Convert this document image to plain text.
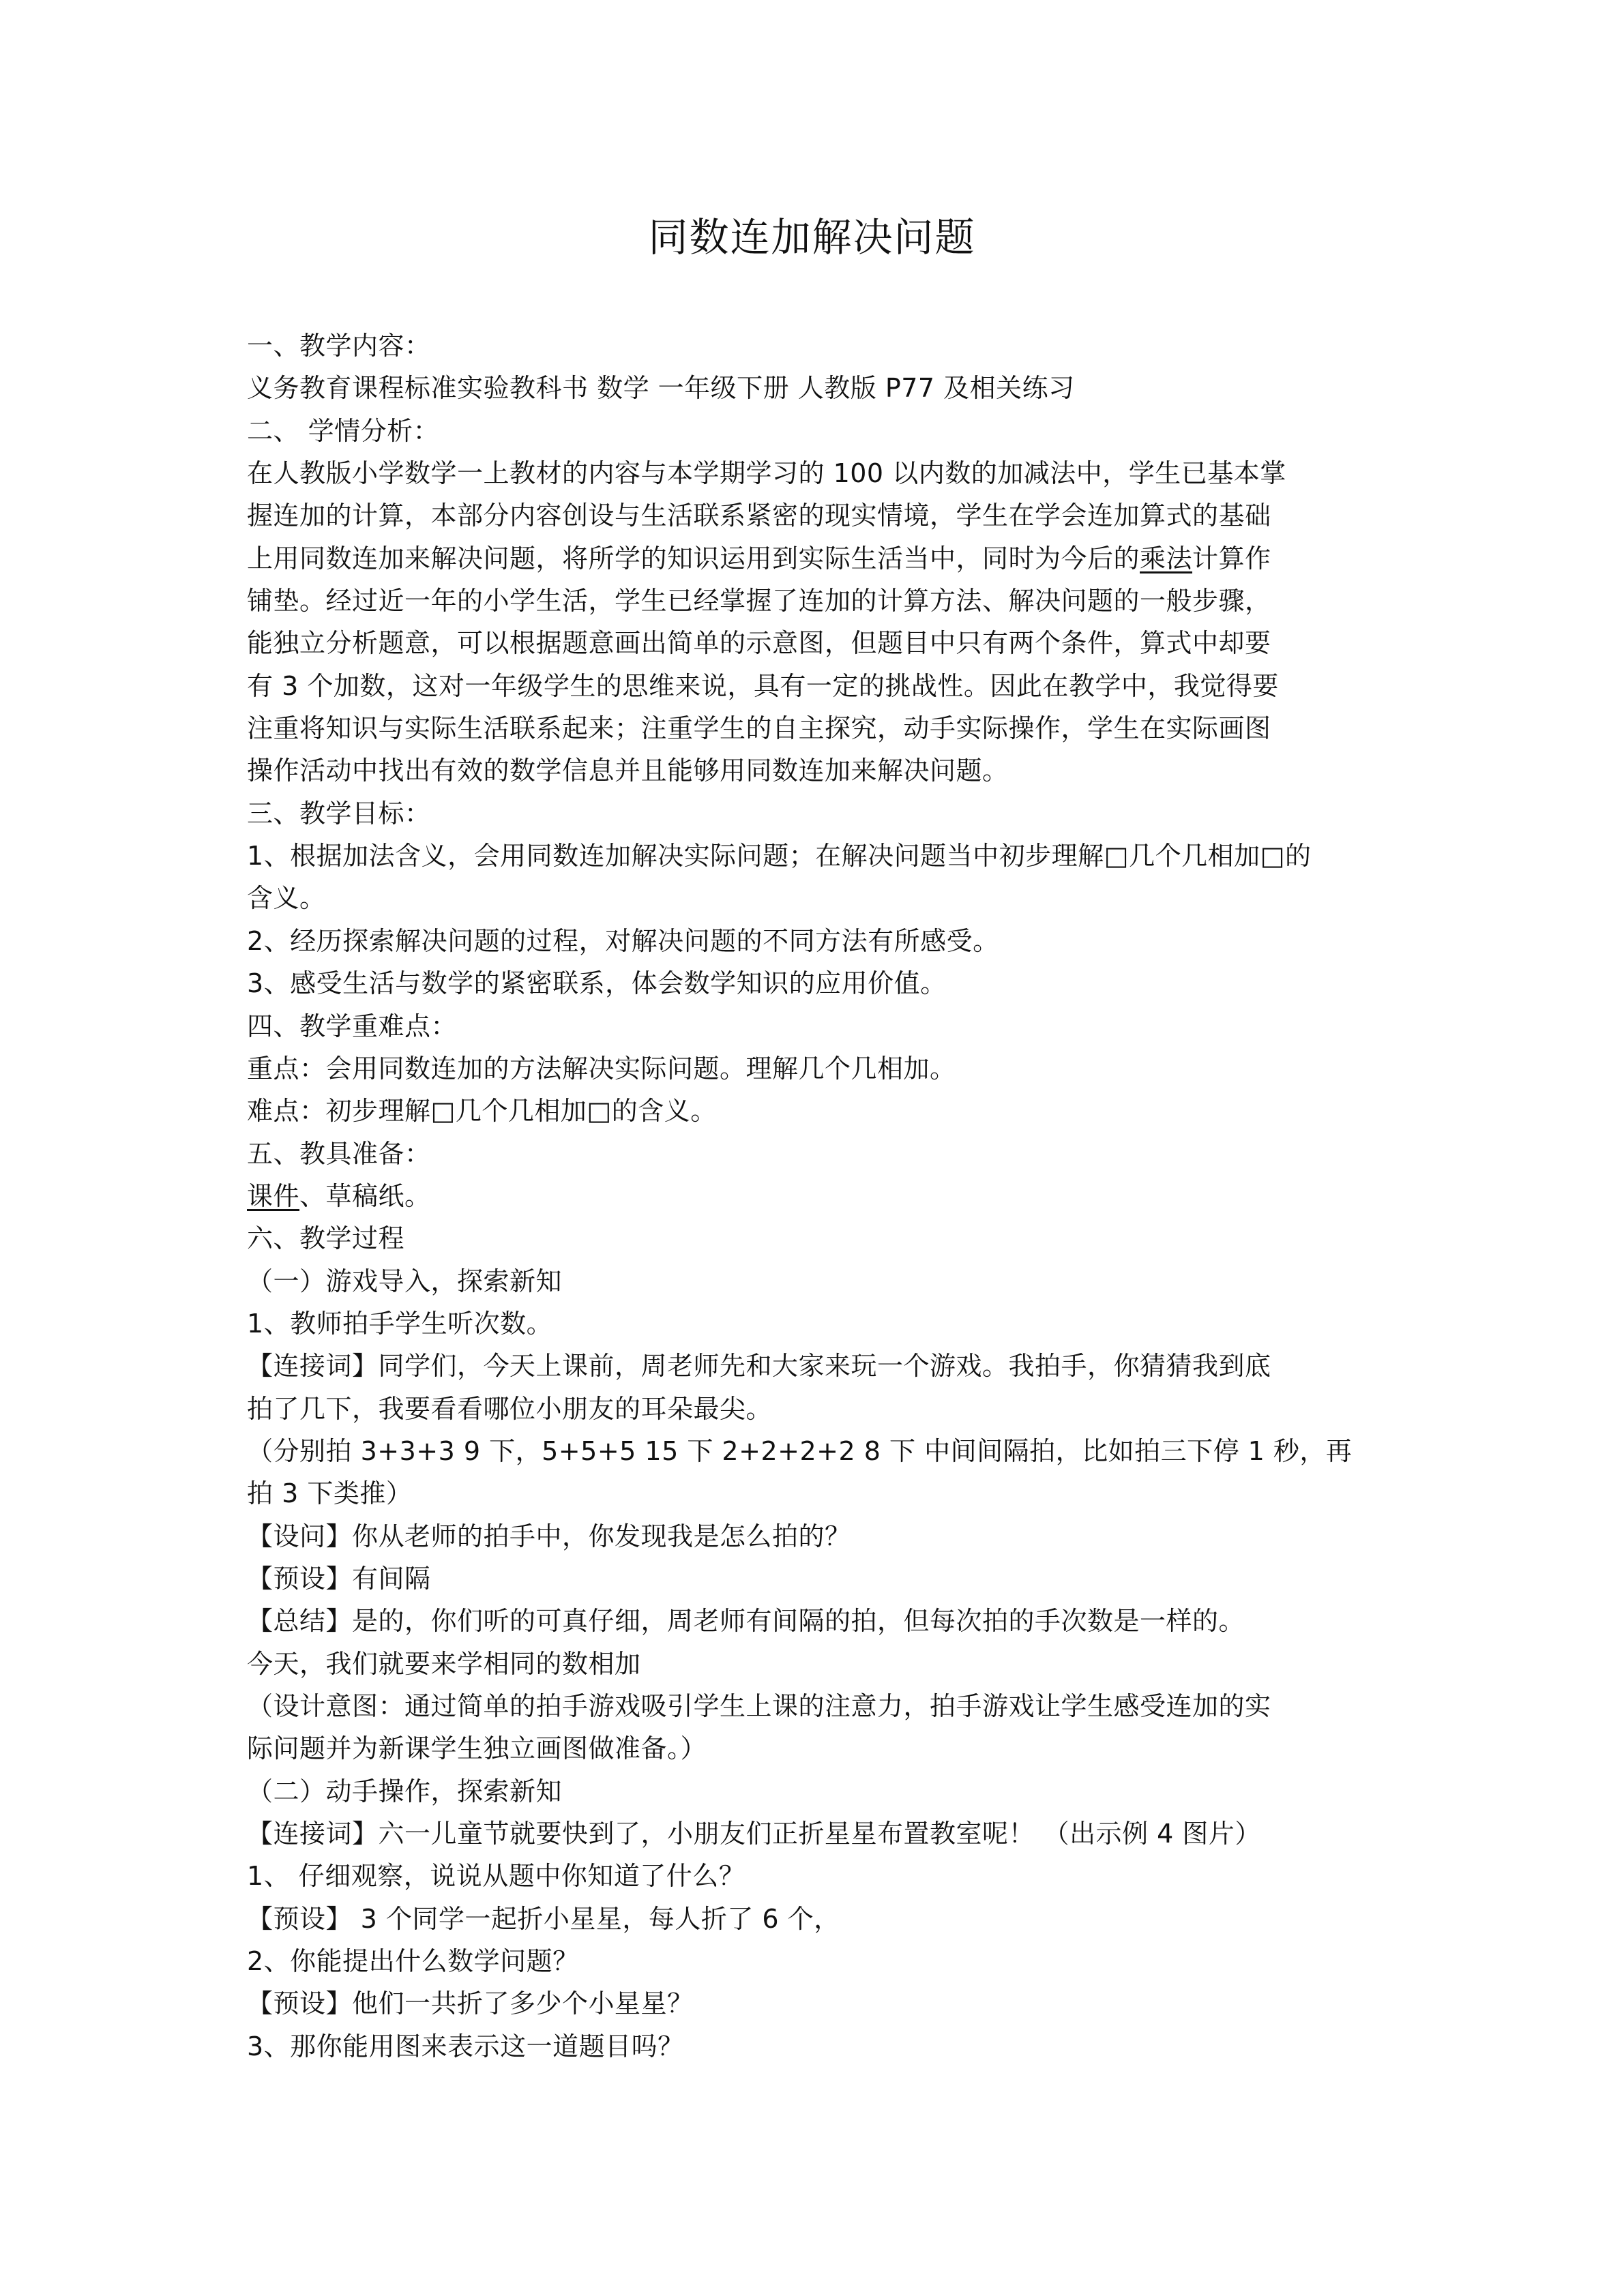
同数连加解决问题
一、教学内容：
义务教育课程标准实验教科书 数学 一年级下册 人教版 P77 及相关练习
二、 学情分析：
在人教版小学数学一上教材的内容与本学期学习的 100 以内数的加减法中，学生已基本掌
握连加的计算，本部分内容创设与生活联系紧密的现实情境，学生在学会连加算式的基础
上用同数连加来解决问题，将所学的知识运用到实际生活当中，同时为今后的乘法计算作
铺垫。经过近一年的小学生活，学生已经掌握了连加的计算方法、解决问题的一般步骤，
能独立分析题意，可以根据题意画出简单的示意图，但题目中只有两个条件，算式中却要
有 3 个加数，这对一年级学生的思维来说，具有一定的挑战性。因此在教学中，我觉得要
注重将知识与实际生活联系起来；注重学生的自主探究，动手实际操作，学生在实际画图
操作活动中找出有效的数学信息并且能够用同数连加来解决问题。
三、教学目标：
1、根据加法含义，会用同数连加解决实际问题；在解决问题当中初步理解□几个几相加□的
含义。
2、经历探索解决问题的过程，对解决问题的不同方法有所感受。
3、感受生活与数学的紧密联系，体会数学知识的应用价值。
四、教学重难点：
重点：会用同数连加的方法解决实际问题。理解几个几相加。
难点：初步理解□几个几相加□的含义。
五、教具准备：
课件、草稿纸。
六、教学过程
（一）游戏导入，探索新知
1、教师拍手学生听次数。
【连接词】同学们，今天上课前，周老师先和大家来玩一个游戏。我拍手，你猜猜我到底
拍了几下，我要看看哪位小朋友的耳朵最尖。
（分别拍 3+3+3 9 下，5+5+5 15 下 2+2+2+2 8 下 中间间隔拍，比如拍三下停 1 秒，再
拍 3 下类推）
【设问】你从老师的拍手中，你发现我是怎么拍的？
【预设】有间隔
【总结】是的，你们听的可真仔细，周老师有间隔的拍，但每次拍的手次数是一样的。
今天，我们就要来学相同的数相加
（设计意图：通过简单的拍手游戏吸引学生上课的注意力，拍手游戏让学生感受连加的实
际问题并为新课学生独立画图做准备。）
（二）动手操作，探索新知
【连接词】六一儿童节就要快到了，小朋友们正折星星布置教室呢！ （出示例 4 图片）
1、 仔细观察，说说从题中你知道了什么？
【预设】 3 个同学一起折小星星，每人折了 6 个，
2、你能提出什么数学问题？
【预设】他们一共折了多少个小星星？
3、那你能用图来表示这一道题目吗？
